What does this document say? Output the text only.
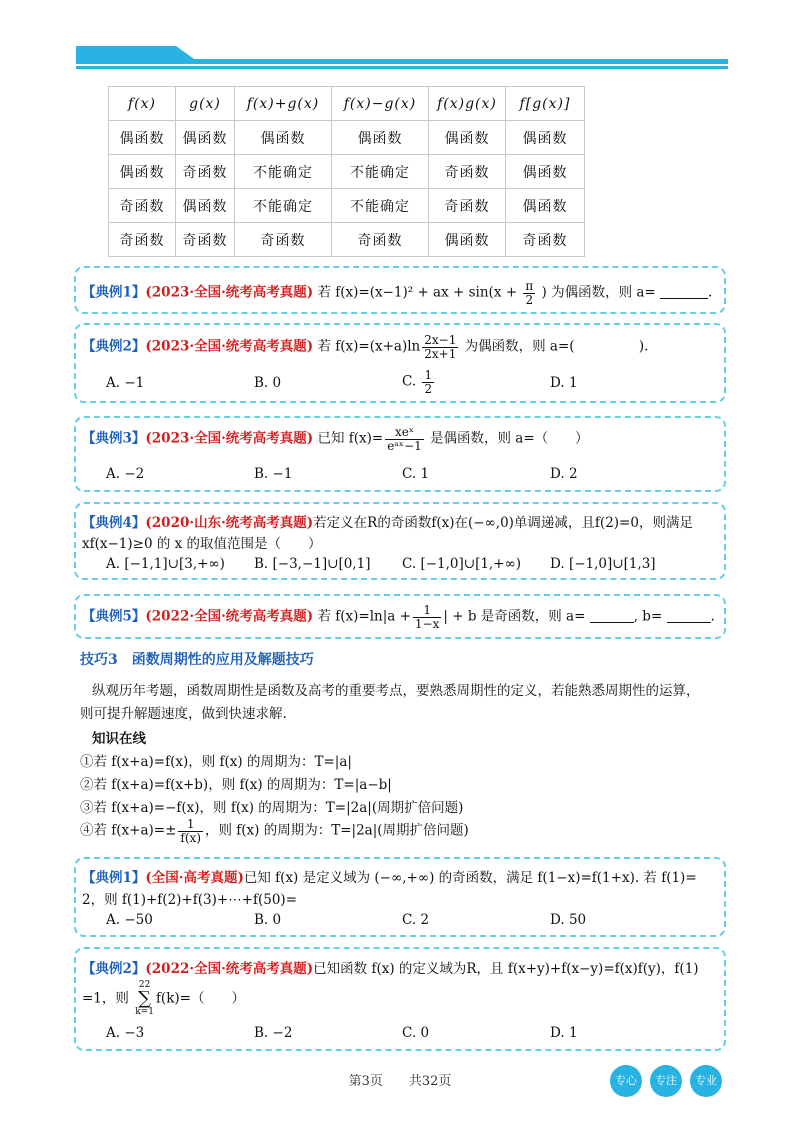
f(x)	g(x)	f(x)+g(x)	f(x)−g(x)	f(x)g(x)	f[g(x)]
偶函数	偶函数	偶函数	偶函数	偶函数	偶函数
偶函数	奇函数	不能确定	不能确定	奇函数	偶函数
奇函数	偶函数	不能确定	不能确定	奇函数	偶函数
奇函数	奇函数	奇函数	奇函数	偶函数	奇函数
【典例1】(2023·全国·统考高考真题) 若 f(x)=(x−1)² + ax + $\sin(x + \frac{\pi}{2}$ ) 为偶函数，则 a=	.
【典例2】(2023·全国·统考高考真题) 若 $f(x)=(x+a)\ln \frac{2x-1}{2x+1}$ 为偶函数，则 a=(	).
A. −1	B. 0	C. $\frac{1}{2}$	D. 1
【典例3】(2023·全国·统考高考真题) 已知 $f(x)= \frac{\text{xeˣ}}{\text{eᵃˣ−1}}$ 是偶函数，则 a=（　　）
A. −2	B. −1	C. 1	D. 2
【典例4】(2020·山东·统考高考真题)若定义在R的奇函数f(x)在(−∞,0)单调递减，且f(2)=0，则满足
xf(x−1)≥0 的 x 的取值范围是（　　）
A. [−1,1]∪[3,+∞) B. [−3,−1]∪[0,1] C. [−1,0]∪[1,+∞) D. [−1,0]∪[1,3]
【典例5】(2022·全国·统考高考真题) 若 $f(x)=\ln|a + \frac{1}{1-x}$ | + b 是奇函数，则 a=	, b=	.
技巧3　函数周期性的应用及解题技巧
纵观历年考题，函数周期性是函数及高考的重要考点，要熟悉周期性的定义，若能熟悉周期性的运算，
则可提升解题速度，做到快速求解.
知识在线
①若 f(x+a)=f(x)，则 f(x) 的周期为：T=|a|
②若 f(x+a)=f(x+b)，则 f(x) 的周期为：T=|a−b|
③若 f(x+a)=−f(x)，则 f(x) 的周期为：T=|2a|(周期扩倍问题)
④若 $f(x+a)=\pm \frac{1}{f(x)}$ ，则 f(x) 的周期为：T=|2a|(周期扩倍问题)
【典例1】(全国·高考真题)已知 f(x) 是定义域为 (−∞,+∞) 的奇函数，满足 f(1−x)=f(1+x). 若 f(1)=
2，则 f(1)+f(2)+f(3)+⋯+f(50)=
A. −50	B. 0	C. 2	D. 50
【典例2】(2022·全国·统考高考真题)已知函数 f(x) 的定义域为R，且 f(x+y)+f(x−y)=f(x)f(y)，f(1)
=1，则
22
∑
k=1
f(k)=（　　）
A. −3	B. −2	C. 0	D. 1
第3页　　共32页	专心	专注	专业
